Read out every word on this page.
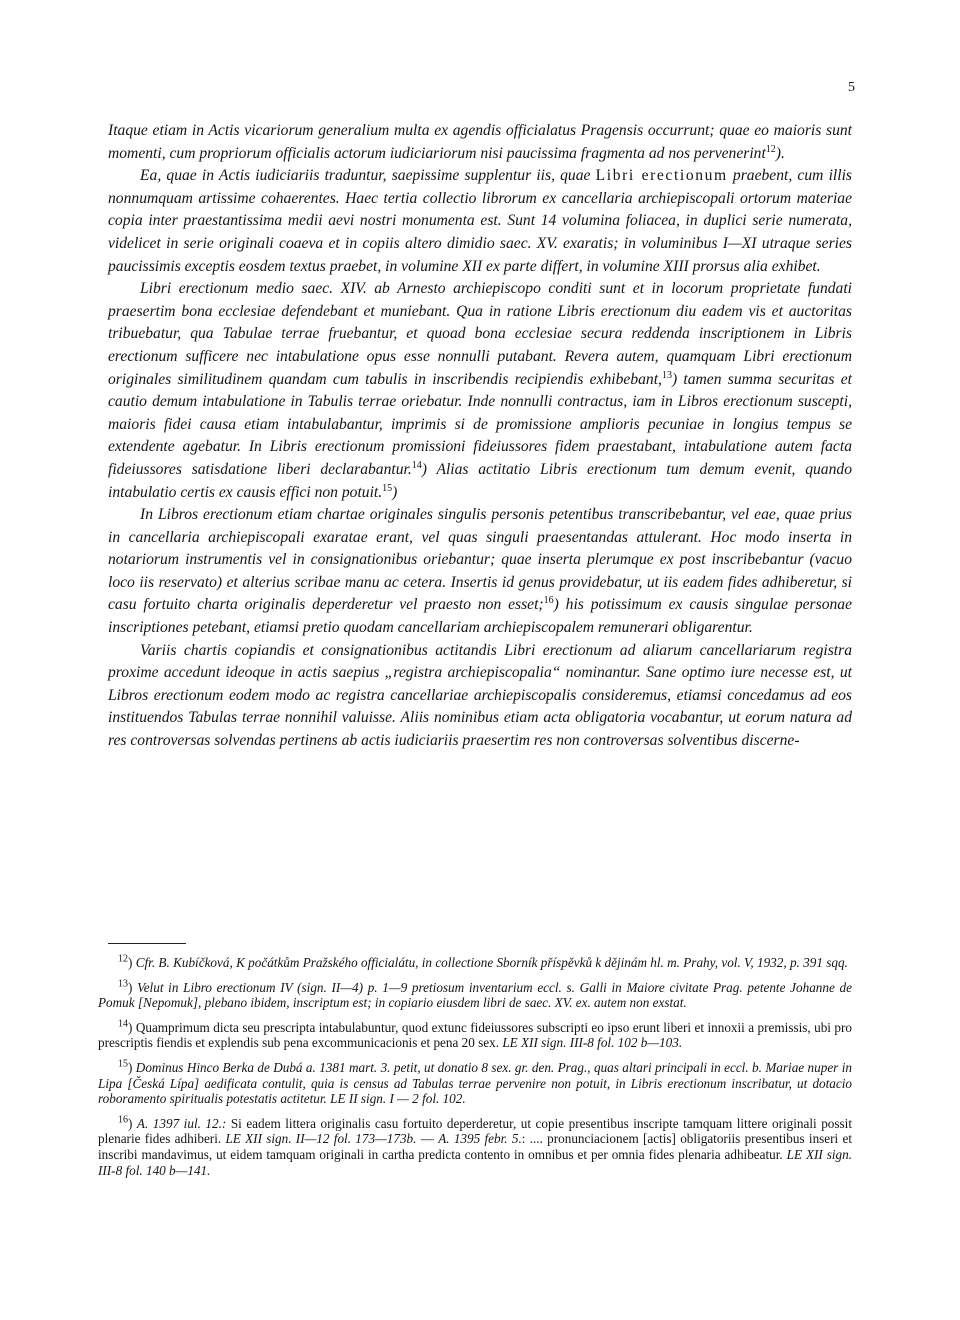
5

Itaque etiam in Actis vicariorum generalium multa ex agendis officialatus Pragensis occurrunt; quae eo maioris sunt momenti, cum propriorum officialis actorum iudiciariorum nisi paucissima fragmenta ad nos pervenerint$^{12}$).

Ea, quae in Actis iudiciariis traduntur, saepissime supplentur iis, quae Libri erectionum praebent, cum illis nonnumquam artissime cohaerentes. Haec tertia collectio librorum ex cancellaria archiepiscopali ortorum materiae copia inter praestantissima medii aevi nostri monumenta est. Sunt 14 volumina foliacea, in duplici serie numerata, videlicet in serie originali coaeva et in copiis altero dimidio saec. XV. exaratis; in voluminibus I—XI utraque series paucissimis exceptis eosdem textus praebet, in volumine XII ex parte differt, in volumine XIII prorsus alia exhibet.

Libri erectionum medio saec. XIV. ab Arnesto archiepiscopo conditi sunt et in locorum proprietate fundati praesertim bona ecclesiae defendebant et muniebant. Qua in ratione Libris erectionum diu eadem vis et auctoritas tribuebatur, qua Tabulae terrae fruebantur, et quoad bona ecclesiae secura reddenda inscriptionem in Libris erectionum sufficere nec intabulatione opus esse nonnulli putabant. Revera autem, quamquam Libri erectionum originales similitudinem quandam cum tabulis in inscribendis recipiendis exhibebant,$^{13}$) tamen summa securitas et cautio demum intabulatione in Tabulis terrae oriebatur. Inde nonnulli contractus, iam in Libros erectionum suscepti, maioris fidei causa etiam intabulabantur, imprimis si de promissione amplioris pecuniae in longius tempus se extendente agebatur. In Libris erectionum promissioni fideiussores fidem praestabant, intabulatione autem facta fideiussores satisdatione liberi declarabantur.$^{14}$) Alias actitatio Libris erectionum tum demum evenit, quando intabulatio certis ex causis effici non potuit.$^{15}$)

In Libros erectionum etiam chartae originales singulis personis petentibus transcribebantur, vel eae, quae prius in cancellaria archiepiscopali exaratae erant, vel quas singuli praesentandas attulerant. Hoc modo inserta in notariorum instrumentis vel in consignationibus oriebantur; quae inserta plerumque ex post inscribebantur (vacuo loco iis reservato) et alterius scribae manu ac cetera. Insertis id genus providebatur, ut iis eadem fides adhiberetur, si casu fortuito charta originalis deperderetur vel praesto non esset;$^{16}$) his potissimum ex causis singulae personae inscriptiones petebant, etiamsi pretio quodam cancellariam archiepiscopalem remunerari obligarentur.

Variis chartis copiandis et consignationibus actitandis Libri erectionum ad aliarum cancellariarum registra proxime accedunt ideoque in actis saepius „registra archiepiscopalia“ nominantur. Sane optimo iure necesse est, ut Libros erectionum eodem modo ac registra cancellariae archiepiscopalis consideremus, etiamsi concedamus ad eos instituendos Tabulas terrae nonnihil valuisse. Aliis nominibus etiam acta obligatoria vocabantur, ut eorum natura ad res controversas solvendas pertinens ab actis iudiciariis praesertim res non controversas solventibus discerne-

$^{12}$) Cfr. B. Kubíčková, K počátkům Pražského officialátu, in collectione Sborník příspěvků k dějinám hl. m. Prahy, vol. V, 1932, p. 391 sqq.

$^{13}$) Velut in Libro erectionum IV (sign. II—4) p. 1—9 pretiosum inventarium eccl. s. Galli in Maiore civitate Prag. petente Johanne de Pomuk [Nepomuk], plebano ibidem, inscriptum est; in copiario eiusdem libri de saec. XV. ex. autem non exstat.

$^{14}$) Quamprimum dicta seu prescripta intabulabuntur, quod extunc fideiussores subscripti eo ipso erunt liberi et innoxii a premissis, ubi pro prescriptis fiendis et explendis sub pena excommunicacionis et pena 20 sex. LE XII sign. III-8 fol. 102 b—103.

$^{15}$) Dominus Hinco Berka de Dubá a. 1381 mart. 3. petit, ut donatio 8 sex. gr. den. Prag., quas altari principali in eccl. b. Mariae nuper in Lipa [Česká Lípa] aedificata contulit, quia is census ad Tabulas terrae pervenire non potuit, in Libris erectionum inscribatur, ut dotacio roboramento spiritualis potestatis actitetur. LE II sign. I — 2 fol. 102.

$^{16}$) A. 1397 iul. 12.: Si eadem littera originalis casu fortuito deperderetur, ut copie presentibus inscripte tamquam littere originali possit plenarie fides adhiberi. LE XII sign. II—12 fol. 173—173b. — A. 1395 febr. 5.: .... pronunciacionem [actis] obligatoriis presentibus inseri et inscribi mandavimus, ut eidem tamquam originali in cartha predicta contento in omnibus et per omnia fides plenaria adhibeatur. LE XII sign. III-8 fol. 140 b—141.
